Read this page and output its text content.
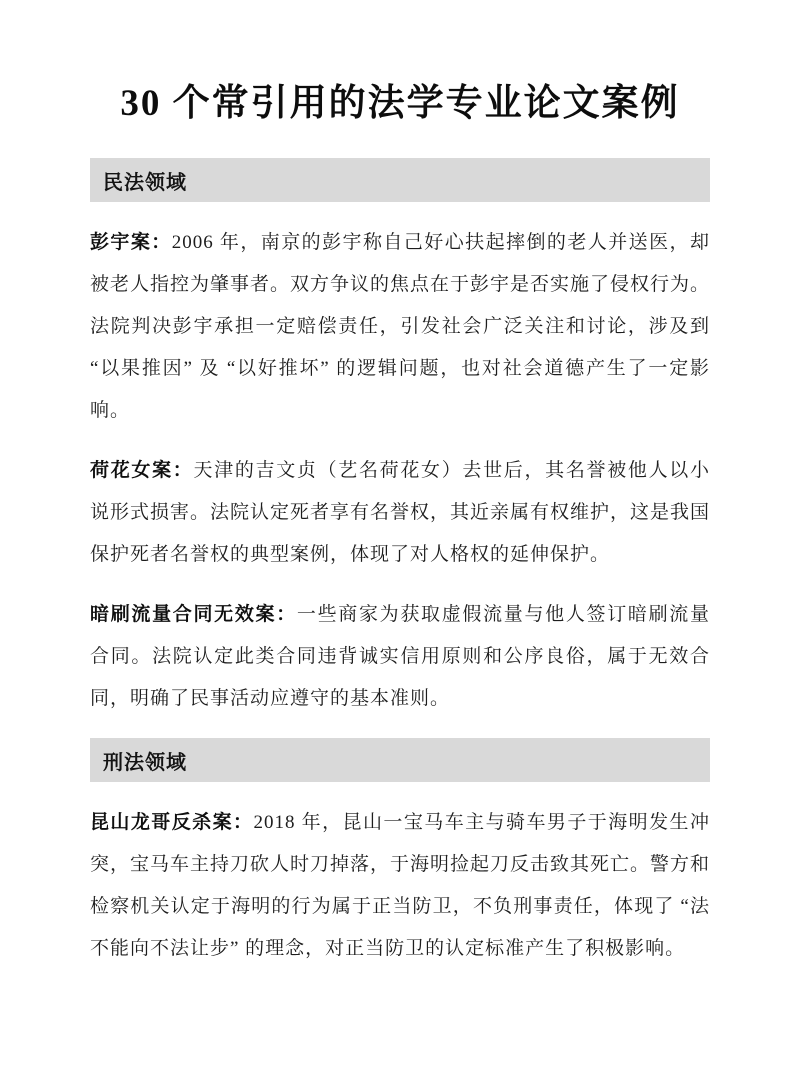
30 个常引用的法学专业论文案例
民法领域

彭宇案：2006 年，南京的彭宇称自己好心扶起摔倒的老人并送医，却被老人指控为肇事者。双方争议的焦点在于彭宇是否实施了侵权行为。法院判决彭宇承担一定赔偿责任，引发社会广泛关注和讨论，涉及到 “以果推因” 及 “以好推坏” 的逻辑问题，也对社会道德产生了一定影响。

荷花女案：天津的吉文贞（艺名荷花女）去世后，其名誉被他人以小说形式损害。法院认定死者享有名誉权，其近亲属有权维护，这是我国保护死者名誉权的典型案例，体现了对人格权的延伸保护。

暗刷流量合同无效案：一些商家为获取虚假流量与他人签订暗刷流量合同。法院认定此类合同违背诚实信用原则和公序良俗，属于无效合同，明确了民事活动应遵守的基本准则。

刑法领域

昆山龙哥反杀案：2018 年，昆山一宝马车主与骑车男子于海明发生冲突，宝马车主持刀砍人时刀掉落，于海明捡起刀反击致其死亡。警方和检察机关认定于海明的行为属于正当防卫，不负刑事责任，体现了 “法不能向不法让步” 的理念，对正当防卫的认定标准产生了积极影响。
